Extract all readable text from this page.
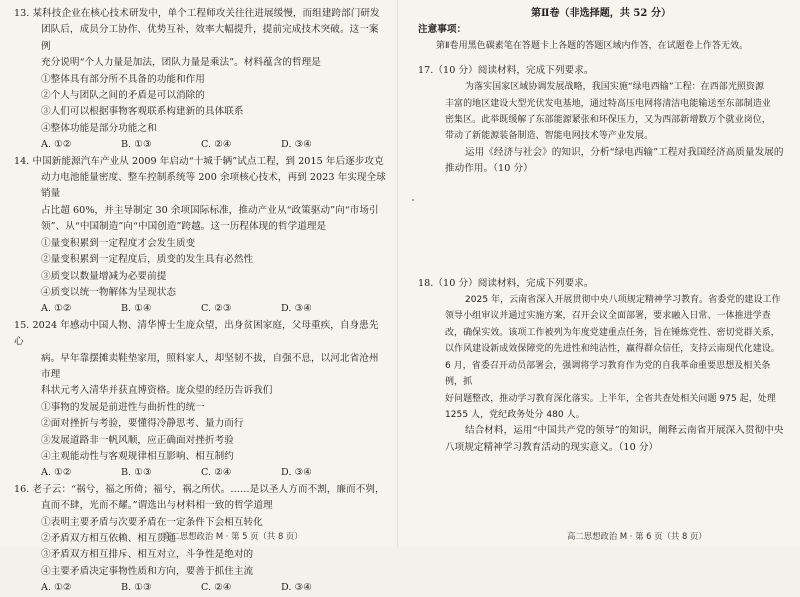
13. 某科技企业在核心技术研发中，单个工程师攻关往往进展缓慢，而组建跨部门研发

团队后，成员分工协作、优势互补，效率大幅提升，提前完成技术突破。这一案例

充分说明“个人力量是加法，团队力量是乘法”。材料蕴含的哲理是

①整体具有部分所不具备的功能和作用

②个人与团队之间的矛盾是可以消除的

③人们可以根据事物客观联系构建新的具体联系

④整体功能是部分功能之和

A. ①②	B. ①③	C. ②④	D. ③④

14. 中国新能源汽车产业从 2009 年启动“十城千辆”试点工程，到 2015 年后逐步攻克

动力电池能量密度、整车控制系统等 200 余项核心技术，再到 2023 年实现全球销量

占比超 60%，并主导制定 30 余项国际标准，推动产业从“政策驱动”向“市场引

领”、从“中国制造”向“中国创造”跨越。这一历程体现的哲学道理是

①量变积累到一定程度才会发生质变

②量变积累到一定程度后，质变的发生具有必然性

③质变以数量增减为必要前提

④质变以统一物解体为呈现状态

A. ①②	B. ①④	C. ②③	D. ③④

15. 2024 年感动中国人物、清华博士生庞众望，出身贫困家庭，父母重疾，自身患先心

病。早年靠摆摊卖鞋垫家用，照料家人，却坚韧不拔，自强不息，以河北省沧州市理

科状元考入清华并获直博资格。庞众望的经历告诉我们

①事物的发展是前进性与曲折性的统一

②面对挫折与考验，要懂得冷静思考、量力而行

③发展道路非一帆风顺，应正确面对挫折考验

④主观能动性与客观规律相互影响、相互制约

A. ①②	B. ①③	C. ②④	D. ③④

16. 老子云：“祸兮，福之所倚；福兮，祸之所伏。……是以圣人方而不割，廉而不刿，

直而不肆，光而不耀。”谓选出与材料相一致的哲学道理

①表明主要矛盾与次要矛盾在一定条件下会相互转化

②矛盾双方相互依赖、相互贯通

③矛盾双方相互排斥、相互对立，斗争性是绝对的

④主要矛盾决定事物性质和方向，要善于抓住主流

A. ①②	B. ①③	C. ②④	D. ③④
高二思想政治 M · 第 5 页（共 8 页）

第Ⅱ卷（非选择题，共 52 分）

注意事项：

第Ⅱ卷用黑色碳素笔在答题卡上各题的答题区域内作答，在试题卷上作答无效。

17.（10 分）阅读材料，完成下列要求。

为落实国家区域协调发展战略，我国实施“绿电西输”工程：在西部光照资源

丰富的地区建设大型光伏发电基地，通过特高压电网将清洁电能输送至东部制造业

密集区。此举既缓解了东部能源紧张和环保压力，又为西部新增数万个就业岗位，

带动了新能源装备制造、智能电网技术等产业发展。

运用《经济与社会》的知识，分析“绿电西输”工程对我国经济高质量发展的

推动作用。（10 分）

18.（10 分）阅读材料，完成下列要求。

2025 年，云南省深入开展贯彻中央八项规定精神学习教育。省委党的建设工作

领导小组审议并通过实施方案，召开会议全面部署，要求融入日常、一体推进学查

改，确保实效。该项工作被列为年度党建重点任务，旨在锤炼党性、密切党群关系，

以作风建设新成效保障党的先进性和纯洁性，赢得群众信任，支持云南现代化建设。

6 月，省委召开动员部署会，强调将学习教育作为党的自我革命重要思想及相关条例，抓

好问题整改，推动学习教育深化落实。上半年，全省共查处相关问题 975 起，处理

1255 人，党纪政务处分 480 人。

结合材料，运用“中国共产党的领导”的知识，阐释云南省开展深入贯彻中央

八项规定精神学习教育活动的现实意义。（10 分）

高二思想政治 M · 第 6 页（共 8 页）
